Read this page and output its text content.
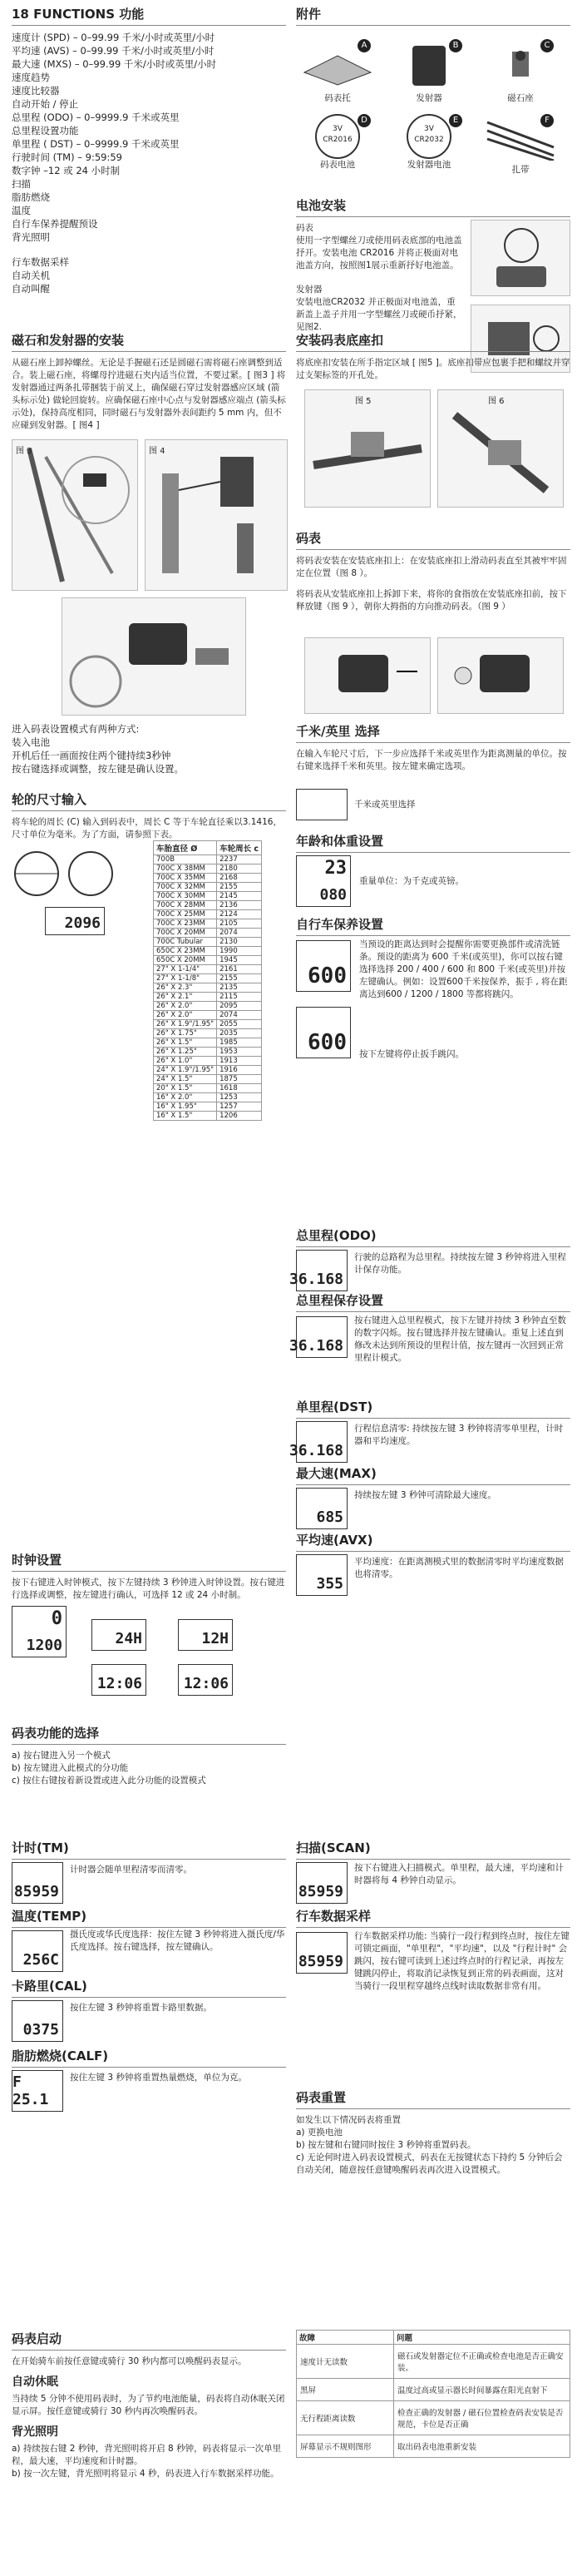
18 FUNCTIONS 功能
速度计 (SPD) – 0–99.99 千米/小时或英里/小时
平均速 (AVS) – 0–99.99 千米/小时或英里/小时
最大速 (MXS) – 0–99.99 千米/小时或英里/小时
速度趋势
速度比较器
自动开始 / 停止
总里程 (ODO) – 0–9999.9 千米或英里
总里程设置功能
单里程 ( DST) – 0–9999.9 千米或英里
行驶时间 (TM) – 9:59:59
数字钟 –12 或 24 小时制
扫描
脂肪燃烧
温度
自行车保养提醒预设
背光照明
行车数据采样
自动关机
自动叫醒
磁石和发射器的安装
从磁石座上卸掉螺丝。无论是手握磁石还是圆磁石需将磁石座调整到适合。装上磁石座，将螺母拧进磁石夹内适当位置，不要过紧。[ 图3 ] 将发射器通过两条扎带捆装于前叉上，确保磁石穿过发射器感应区域 (箭头标示处) 做轮回旋转。应确保磁石座中心点与发射器感应端点 (箭头标示处)，保持高度相同，同时磁石与发射器外表间距约 5 mm 内，但不应碰到发射器。[ 图4 ]
图 3	图 4
进入码表设置模式有两种方式:
装入电池
开机后任一画面按住两个键持续3秒钟
按右键选择或调整，按左键是确认设置。
轮的尺寸输入
将车轮的周长 (C) 输入到码表中，周长 C 等于车轮直径乘以3.1416，尺寸单位为毫米。为了方面，请参照下表。
2096
车胎直径 Ø	车轮周长 c
700B	2237
700C X 38MM	2180
700C X 35MM	2168
700C X 32MM	2155
700C X 30MM	2145
700C X 28MM	2136
700C X 25MM	2124
700C X 23MM	2105
700C X 20MM	2074
700C Tubular	2130
650C X 23MM	1990
650C X 20MM	1945
27" X 1-1/4"	2161
27" X 1-1/8"	2155
26" X 2.3"	2135
26" X 2.1"	2115
26" X 2.0"	2095
26" X 2.0"	2074
26" X 1.9"/1.95"	2055
26" X 1.75"	2035
26" X 1.5"	1985
26" X 1.25"	1953
26" X 1.0"	1913
24" X 1.9"/1.95"	1916
24" X 1.5"	1875
20" X 1.5"	1618
16" X 2.0"	1253
16" X 1.95"	1257
16" X 1.5"	1206
时钟设置
按下右键进入时钟模式，按下左键持续 3 秒钟进入时钟设置。按右键进行选择或调整，按左键进行确认，可选择 12 或 24 小时制。
0
1200	24H	12H
12:06	12:06
码表功能的选择
a) 按右键进入另一个模式
b) 按左键进入此模式的分功能
c) 按住右键按着新设置或进入此分功能的设置模式
计时(TM)
85959
计时器会随单里程清零而清零。
温度(TEMP)
256C
摄氏度或华氏度选择：按住左键 3 秒钟将进入摄氏度/华氏度选择。按右键选择，按左键确认。
卡路里(CAL)
0375
按住左键 3 秒钟将重置卡路里数据。
脂肪燃烧(CALF)
F 25.1
按住左键 3 秒钟将重置热量燃烧，单位为克。
码表启动
在开始骑车前按任意键或骑行 30 秒内都可以唤醒码表显示。
自动休眠
当持续 5 分钟不使用码表时，为了节约电池能量，码表将自动休眠关闭显示屏。按任意键或骑行 30 秒内再次唤醒码表。
背光照明
a) 持续按右键 2 秒钟，背光照明将开启 8 秒钟，码表将显示一次单里程，最大速，平均速度和计时器。
b) 按一次左键，背光照明将显示 4 秒，码表进入行车数据采样功能。
附件
码表托
A
发射器
B
磁石座
C
3V CR2016
码表电池
D
3V CR2032
发射器电池
E
扎带
F
电池安装
码表
使用一字型螺丝刀或使用码表底部的电池盖抒开。安装电池 CR2016 并将正极面对电池盖方向，按照图1展示重新抒好电池盖。
发射器
安装电池CR2032 并正极面对电池盖，重新盖上盖子并用一字型螺丝刀或硬币抒紧，见图2.
安装码表底座扣
将底座扣安装在所手指定区域 [ 图5 ]。底座扣带应包裹手把和螺纹并穿过支架标签的开孔处。
图 5	图 6
码表
将码表安装在安装底座扣上：在安装底座扣上滑动码表直至其被牢牢固定在位置（图 8 ）。
将码表从安装底座扣上拆卸下来，将你的食指放在安装底座扣前，按下释放键（图 9 ），朝你大拇指的方向推动码表。（图 9 ）
千米/英里 选择
在输入车轮尺寸后，下一步应选择千米或英里作为距离测量的单位。按右键来选择千米和英里。按左键来确定选项。
千米或英里选择
年龄和体重设置
23
080
重量单位：为千克或英镑。
自行车保养设置
600
600
当预设的距离达到时会提醒你需要更换部件或清洗链条。预设的距离为 600 千米(或英里)，你可以按右键选择选择 200 / 400 / 600 和 800 千米(或英里)并按左键确认。例如：设置600千米按保养，振手 , 将在距离达到600 / 1200 / 1800 等都将跳闪。
按下左键将停止扳手跳闪。
总里程(ODO)
36.168
行驶的总路程为总里程。持续按左键 3 秒钟将进入里程计保存功能。
总里程保存设置
36.168
按右键进入总里程模式，按下左键并持续 3 秒钟直至数的数字闪烁。按右键选择并按左键确认。重复上述直到修改未达到所预设的里程计值，按左键再一次回到正常里程计模式。
单里程(DST)
36.168
行程信息清零: 持续按左键 3 秒钟将清零单里程，计时器和平均速度。
最大速(MAX)
685
持续按左键 3 秒钟可清除最大速度。
平均速(AVX)
355
平均速度：在距离测模式里的数据清零时平均速度数据也将清零。
扫描(SCAN)
85959
按下右键进入扫描模式。单里程，最大速，平均速和计时器将每 4 秒钟自动显示。
行车数据采样
85959
行车数据采样功能: 当骑行一段行程到终点时，按住左键可锁定画面，"单里程"，"平均速"，以及 "行程计时" 会跳闪，按右键可读到上述过终点时的行程记录，再按左键跳闪停止，将取消记录恢复到正常的码表画面，这对当骑行一段里程穿越终点线时读取数据非常有用。
码表重置
如发生以下情况码表将重置
a) 更换电池
b) 按左键和右键同时按住 3 秒钟将重置码表。
c) 无论何时进入码表设置模式，码表在无按键状态下持约 5 分钟后会自动关闭，随意按任意键唤醒码表再次进入设置模式。
故障	问题
速度计无读数	磁石或发射器定位不正确或检查电池是否正确安装。
黑屏	温度过高或显示器长时间暴露在阳光直射下
无行程距离读数	检查正确的发射器 / 磁石位置检查码表安装是否规范，卡位是否正确
屏幕显示不规则图形	取出码表电池重新安装
